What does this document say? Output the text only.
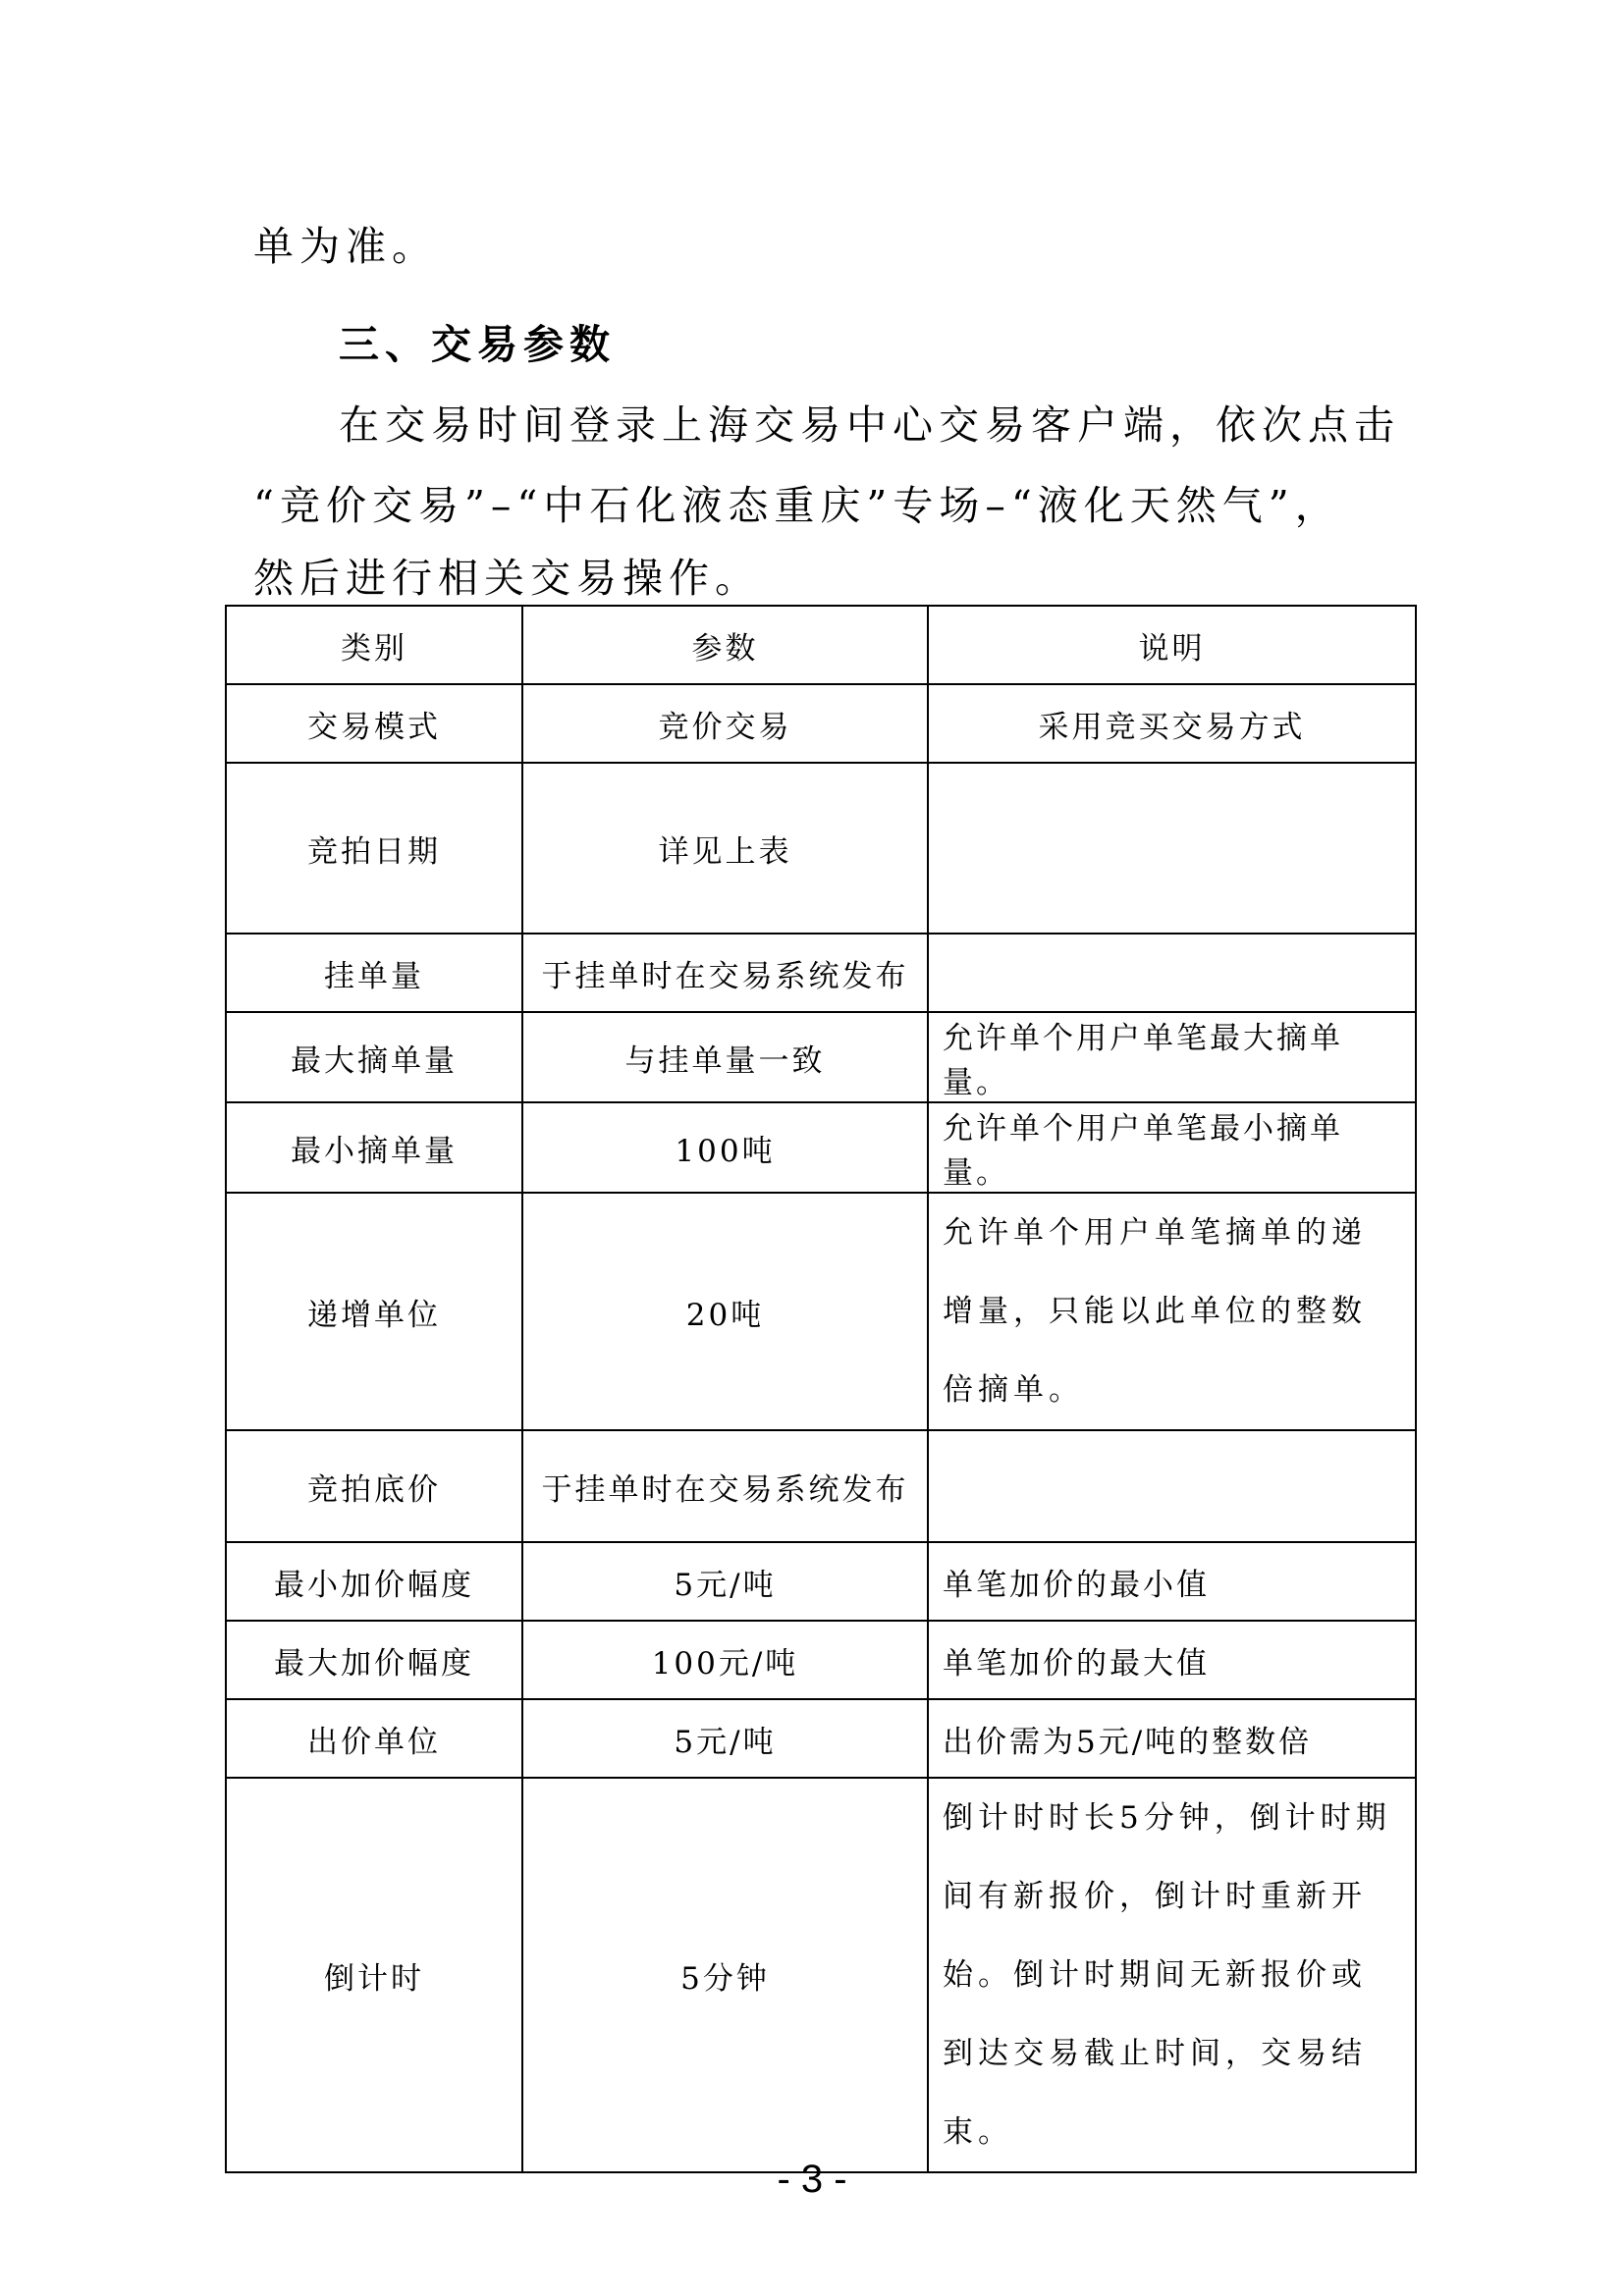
单为准。
三、交易参数
在交易时间登录上海交易中心交易客户端，依次点击
“竞价交易”–“中石化液态重庆”专场–“液化天然气”，
然后进行相关交易操作。
类别	参数	说明
交易模式	竞价交易	采用竞买交易方式
竞拍日期	详见上表	
挂单量	于挂单时在交易系统发布	
最大摘单量	与挂单量一致	允许单个用户单笔最大摘单量。
最小摘单量	100吨	允许单个用户单笔最小摘单量。
递增单位	20吨	允许单个用户单笔摘单的递增量，只能以此单位的整数倍摘单。
竞拍底价	于挂单时在交易系统发布	
最小加价幅度	5元/吨	单笔加价的最小值
最大加价幅度	100元/吨	单笔加价的最大值
出价单位	5元/吨	出价需为5元/吨的整数倍
倒计时	5分钟	倒计时时长5分钟，倒计时期间有新报价，倒计时重新开始。倒计时期间无新报价或到达交易截止时间，交易结束。
- 3 -
